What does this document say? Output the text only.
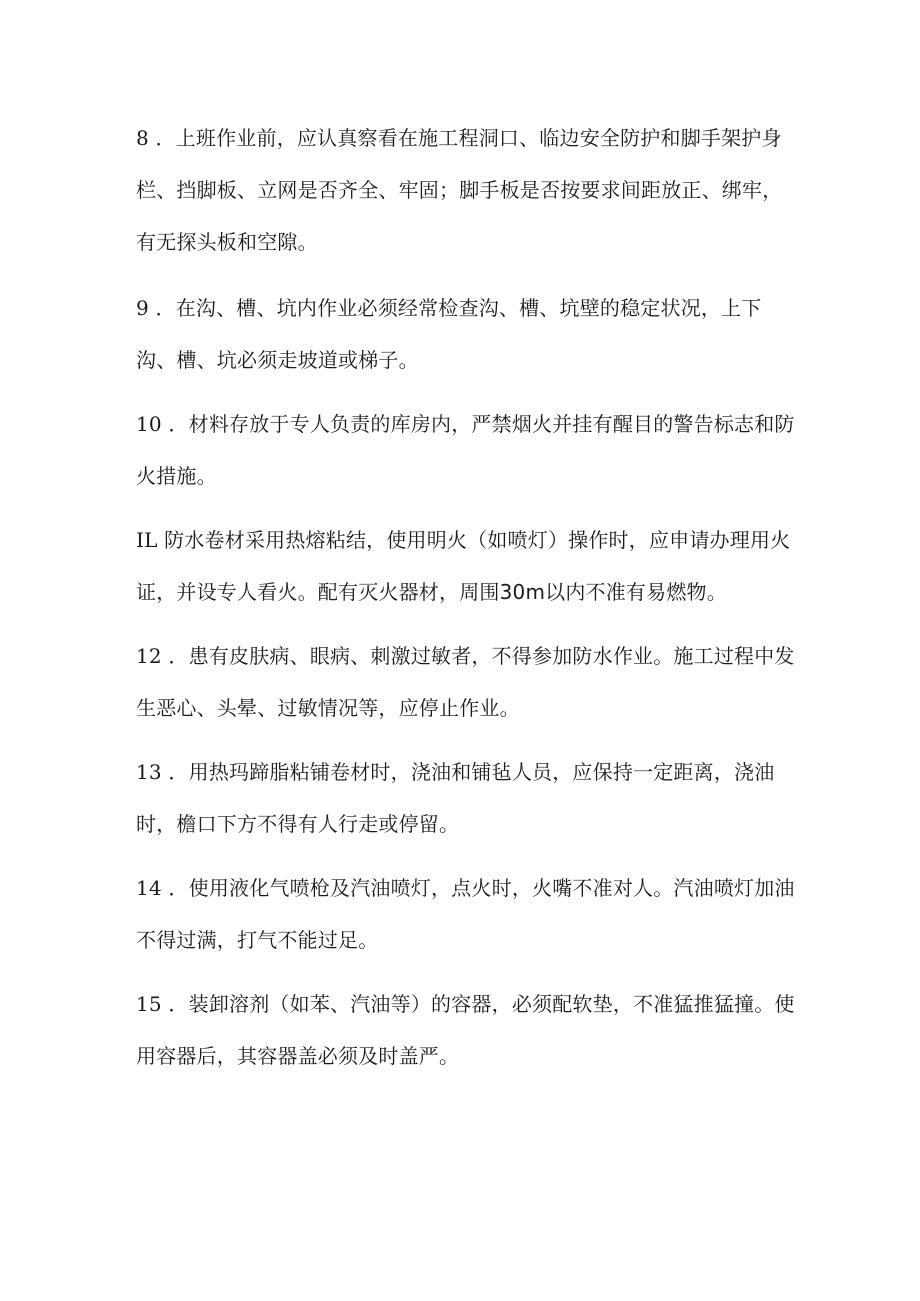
8 ．上班作业前，应认真察看在施工程洞口、临边安全防护和脚手架护身栏、挡脚板、立网是否齐全、牢固；脚手板是否按要求间距放正、绑牢，有无探头板和空隙。

9 ．在沟、槽、坑内作业必须经常检查沟、槽、坑壁的稳定状况，上下沟、槽、坑必须走坡道或梯子。

10 ．材料存放于专人负责的库房内，严禁烟火并挂有醒目的警告标志和防火措施。

IL 防水卷材采用热熔粘结，使用明火（如喷灯）操作时，应申请办理用火证，并设专人看火。配有灭火器材，周围30m以内不准有易燃物。

12 ．患有皮肤病、眼病、刺激过敏者，不得参加防水作业。施工过程中发生恶心、头晕、过敏情况等，应停止作业。

13 ．用热玛蹄脂粘铺卷材时，浇油和铺毡人员，应保持一定距离，浇油时，檐口下方不得有人行走或停留。

14 ．使用液化气喷枪及汽油喷灯，点火时，火嘴不准对人。汽油喷灯加油不得过满，打气不能过足。

15 ．装卸溶剂（如苯、汽油等）的容器，必须配软垫，不准猛推猛撞。使用容器后，其容器盖必须及时盖严。
